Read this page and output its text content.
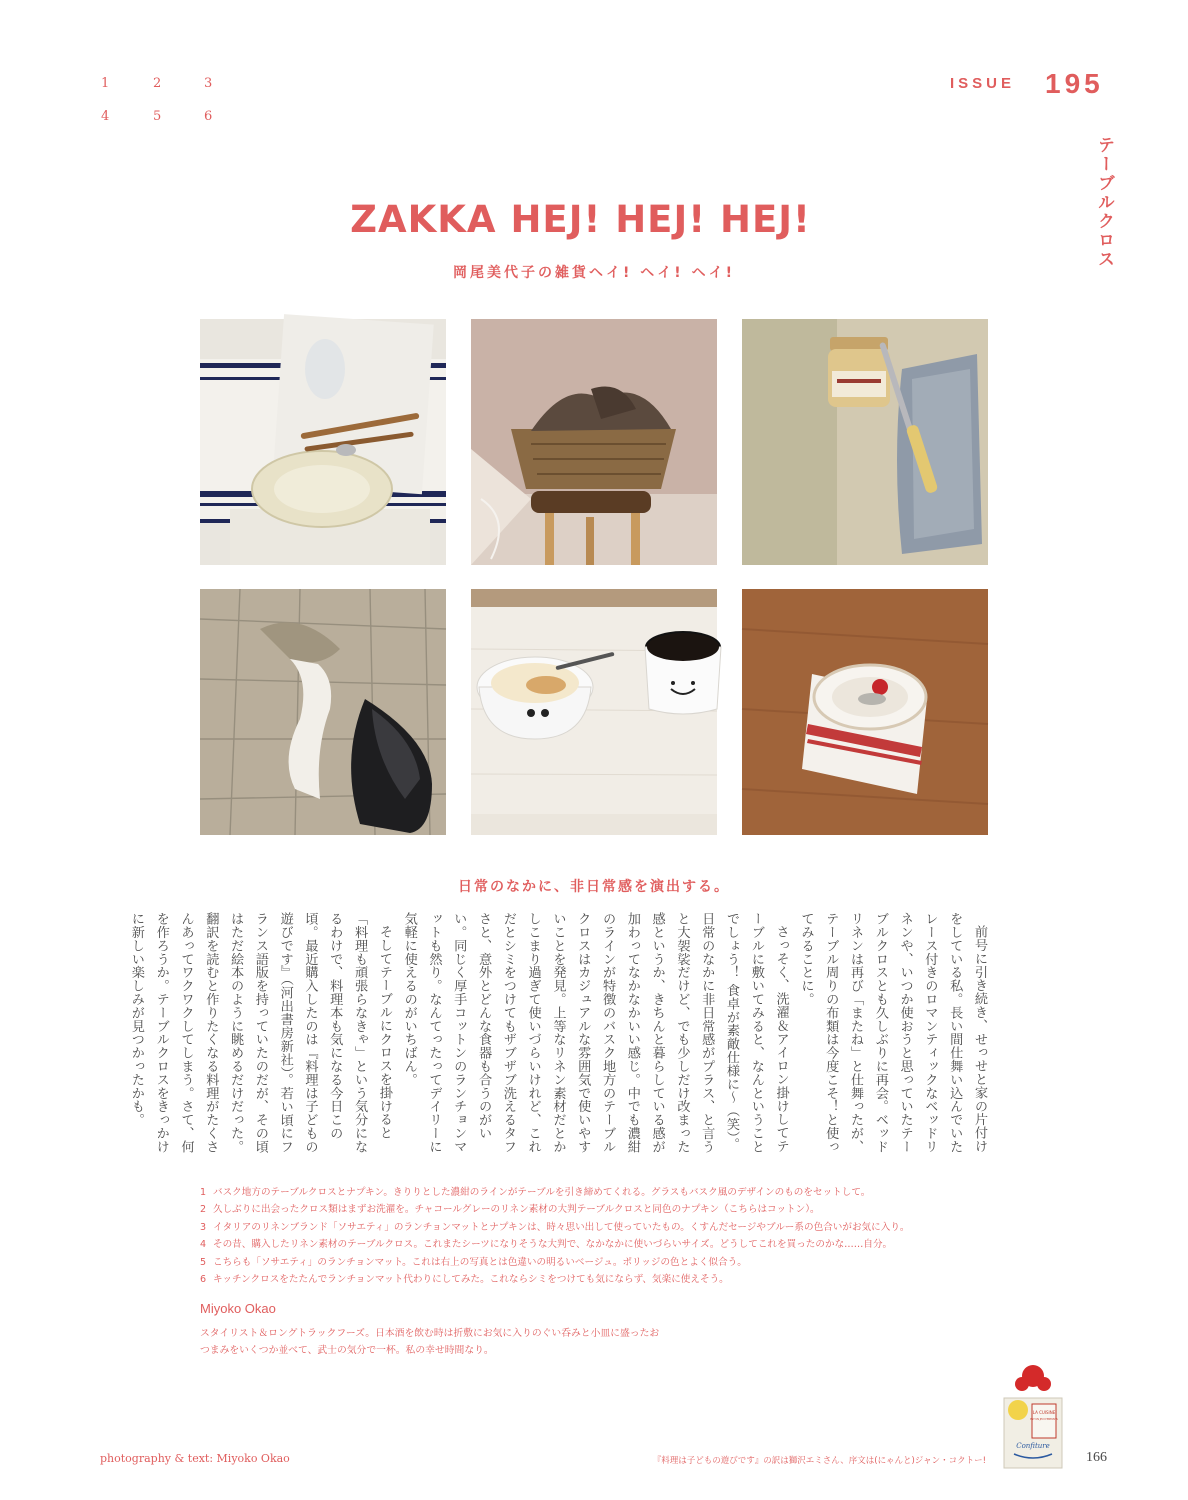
1	2	3
4	5	6
ISSUE 195
テーブルクロス
ZAKKA HEJ! HEJ! HEJ!
岡尾美代子の雑貨ヘイ! ヘイ! ヘイ!
日常のなかに、非日常感を演出する。

前号に引き続き、せっせと家の片付けをしている私。長い間仕舞い込んでいたレース付きのロマンティックなベッドリネンや、いつか使おうと思っていたテーブルクロスとも久しぶりに再会。ベッドリネンは再び「またね」と仕舞ったが、テーブル周りの布類は今度こそ！と使ってみることに。

さっそく、洗濯＆アイロン掛けしてテーブルに敷いてみると、なんということでしょう！ 食卓が素敵仕様に〜（笑）。日常のなかに非日常感がプラス、と言うと大袈裟だけど、でも少しだけ改まった感というか、きちんと暮らしている感が加わってなかなかいい感じ。中でも濃紺のラインが特徴のバスク地方のテーブルクロスはカジュアルな雰囲気で使いやすいことを発見。上等なリネン素材だとかしこまり過ぎて使いづらいけれど、これだとシミをつけてもザブザブ洗えるタフさと、意外とどんな食器も合うのがいい。同じく厚手コットンのランチョンマットも然り。なんてったってデイリーに気軽に使えるのがいちばん。

そしてテーブルにクロスを掛けると「料理も頑張らなきゃ」という気分になるわけで、料理本も気になる今日この頃。最近購入したのは『料理は子どもの遊びです』（河出書房新社）。若い頃にフランス語版を持っていたのだが、その頃はただ絵本のように眺めるだけだった。翻訳を読むと作りたくなる料理がたくさんあってワクワクしてしまう。さて、何を作ろうか。テーブルクロスをきっかけに新しい楽しみが見つかったかも。

1 バスク地方のテーブルクロスとナプキン。きりりとした濃紺のラインがテーブルを引き締めてくれる。グラスもバスク風のデザインのものをセットして。
2 久しぶりに出会ったクロス類はまずお洗濯を。チャコールグレーのリネン素材の大判テーブルクロスと同色のナプキン（こちらはコットン）。
3 イタリアのリネンブランド「ソサエティ」のランチョンマットとナプキンは、時々思い出して使っていたもの。くすんだセージやブルー系の色合いがお気に入り。
4 その昔、購入したリネン素材のテーブルクロス。これまたシーツになりそうな大判で、なかなかに使いづらいサイズ。どうしてこれを買ったのかな……自分。
5 こちらも「ソサエティ」のランチョンマット。これは右上の写真とは色違いの明るいベージュ。ポリッジの色とよく似合う。
6 キッチンクロスをたたんでランチョンマット代わりにしてみた。これならシミをつけても気にならず、気楽に使えそう。
Miyoko Okao
スタイリスト＆ロングトラックフーズ。日本酒を飲む時は折敷にお気に入りのぐい呑みと小皿に盛ったおつまみをいくつか並べて、武士の気分で一杯。私の幸せ時間なり。
LA CUISINE
EST UN JEU D'ENFANTS
Confiture
photography & text: Miyoko Okao	『料理は子どもの遊びです』の訳は獅沢エミさん、序文は(にゃんと)ジャン・コクトー!	166
